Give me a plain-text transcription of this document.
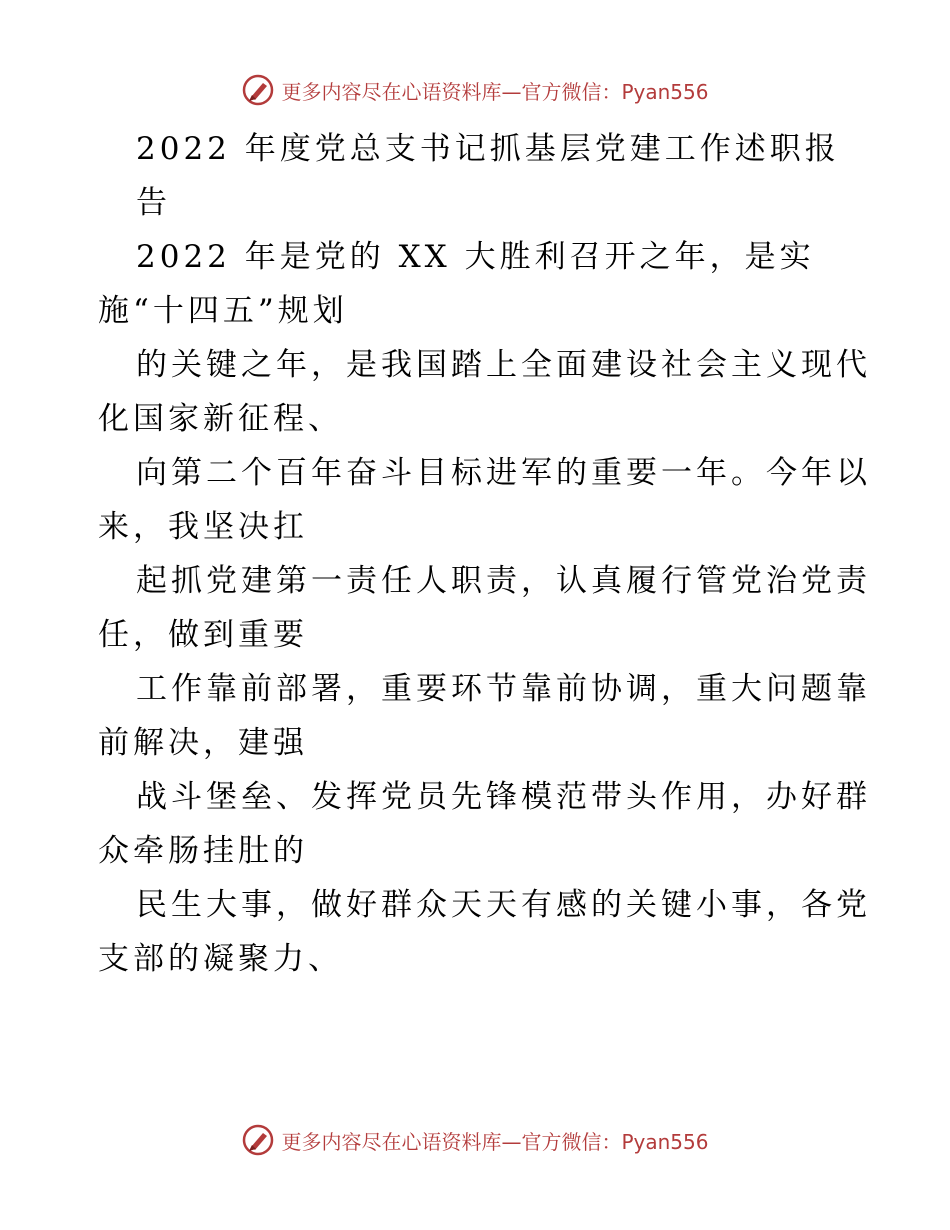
更多内容尽在心语资料库—官方微信：Pyan556
2022 年度党总支书记抓基层党建工作述职报
告
2022 年是党的 XX 大胜利召开之年，是实
施“十四五”规划
的关键之年，是我国踏上全面建设社会主义现代
化国家新征程、
向第二个百年奋斗目标进军的重要一年。今年以
来，我坚决扛
起抓党建第一责任人职责，认真履行管党治党责
任，做到重要
工作靠前部署，重要环节靠前协调，重大问题靠
前解决，建强
战斗堡垒、发挥党员先锋模范带头作用，办好群
众牵肠挂肚的
民生大事，做好群众天天有感的关键小事，各党
支部的凝聚力、
更多内容尽在心语资料库—官方微信：Pyan556
